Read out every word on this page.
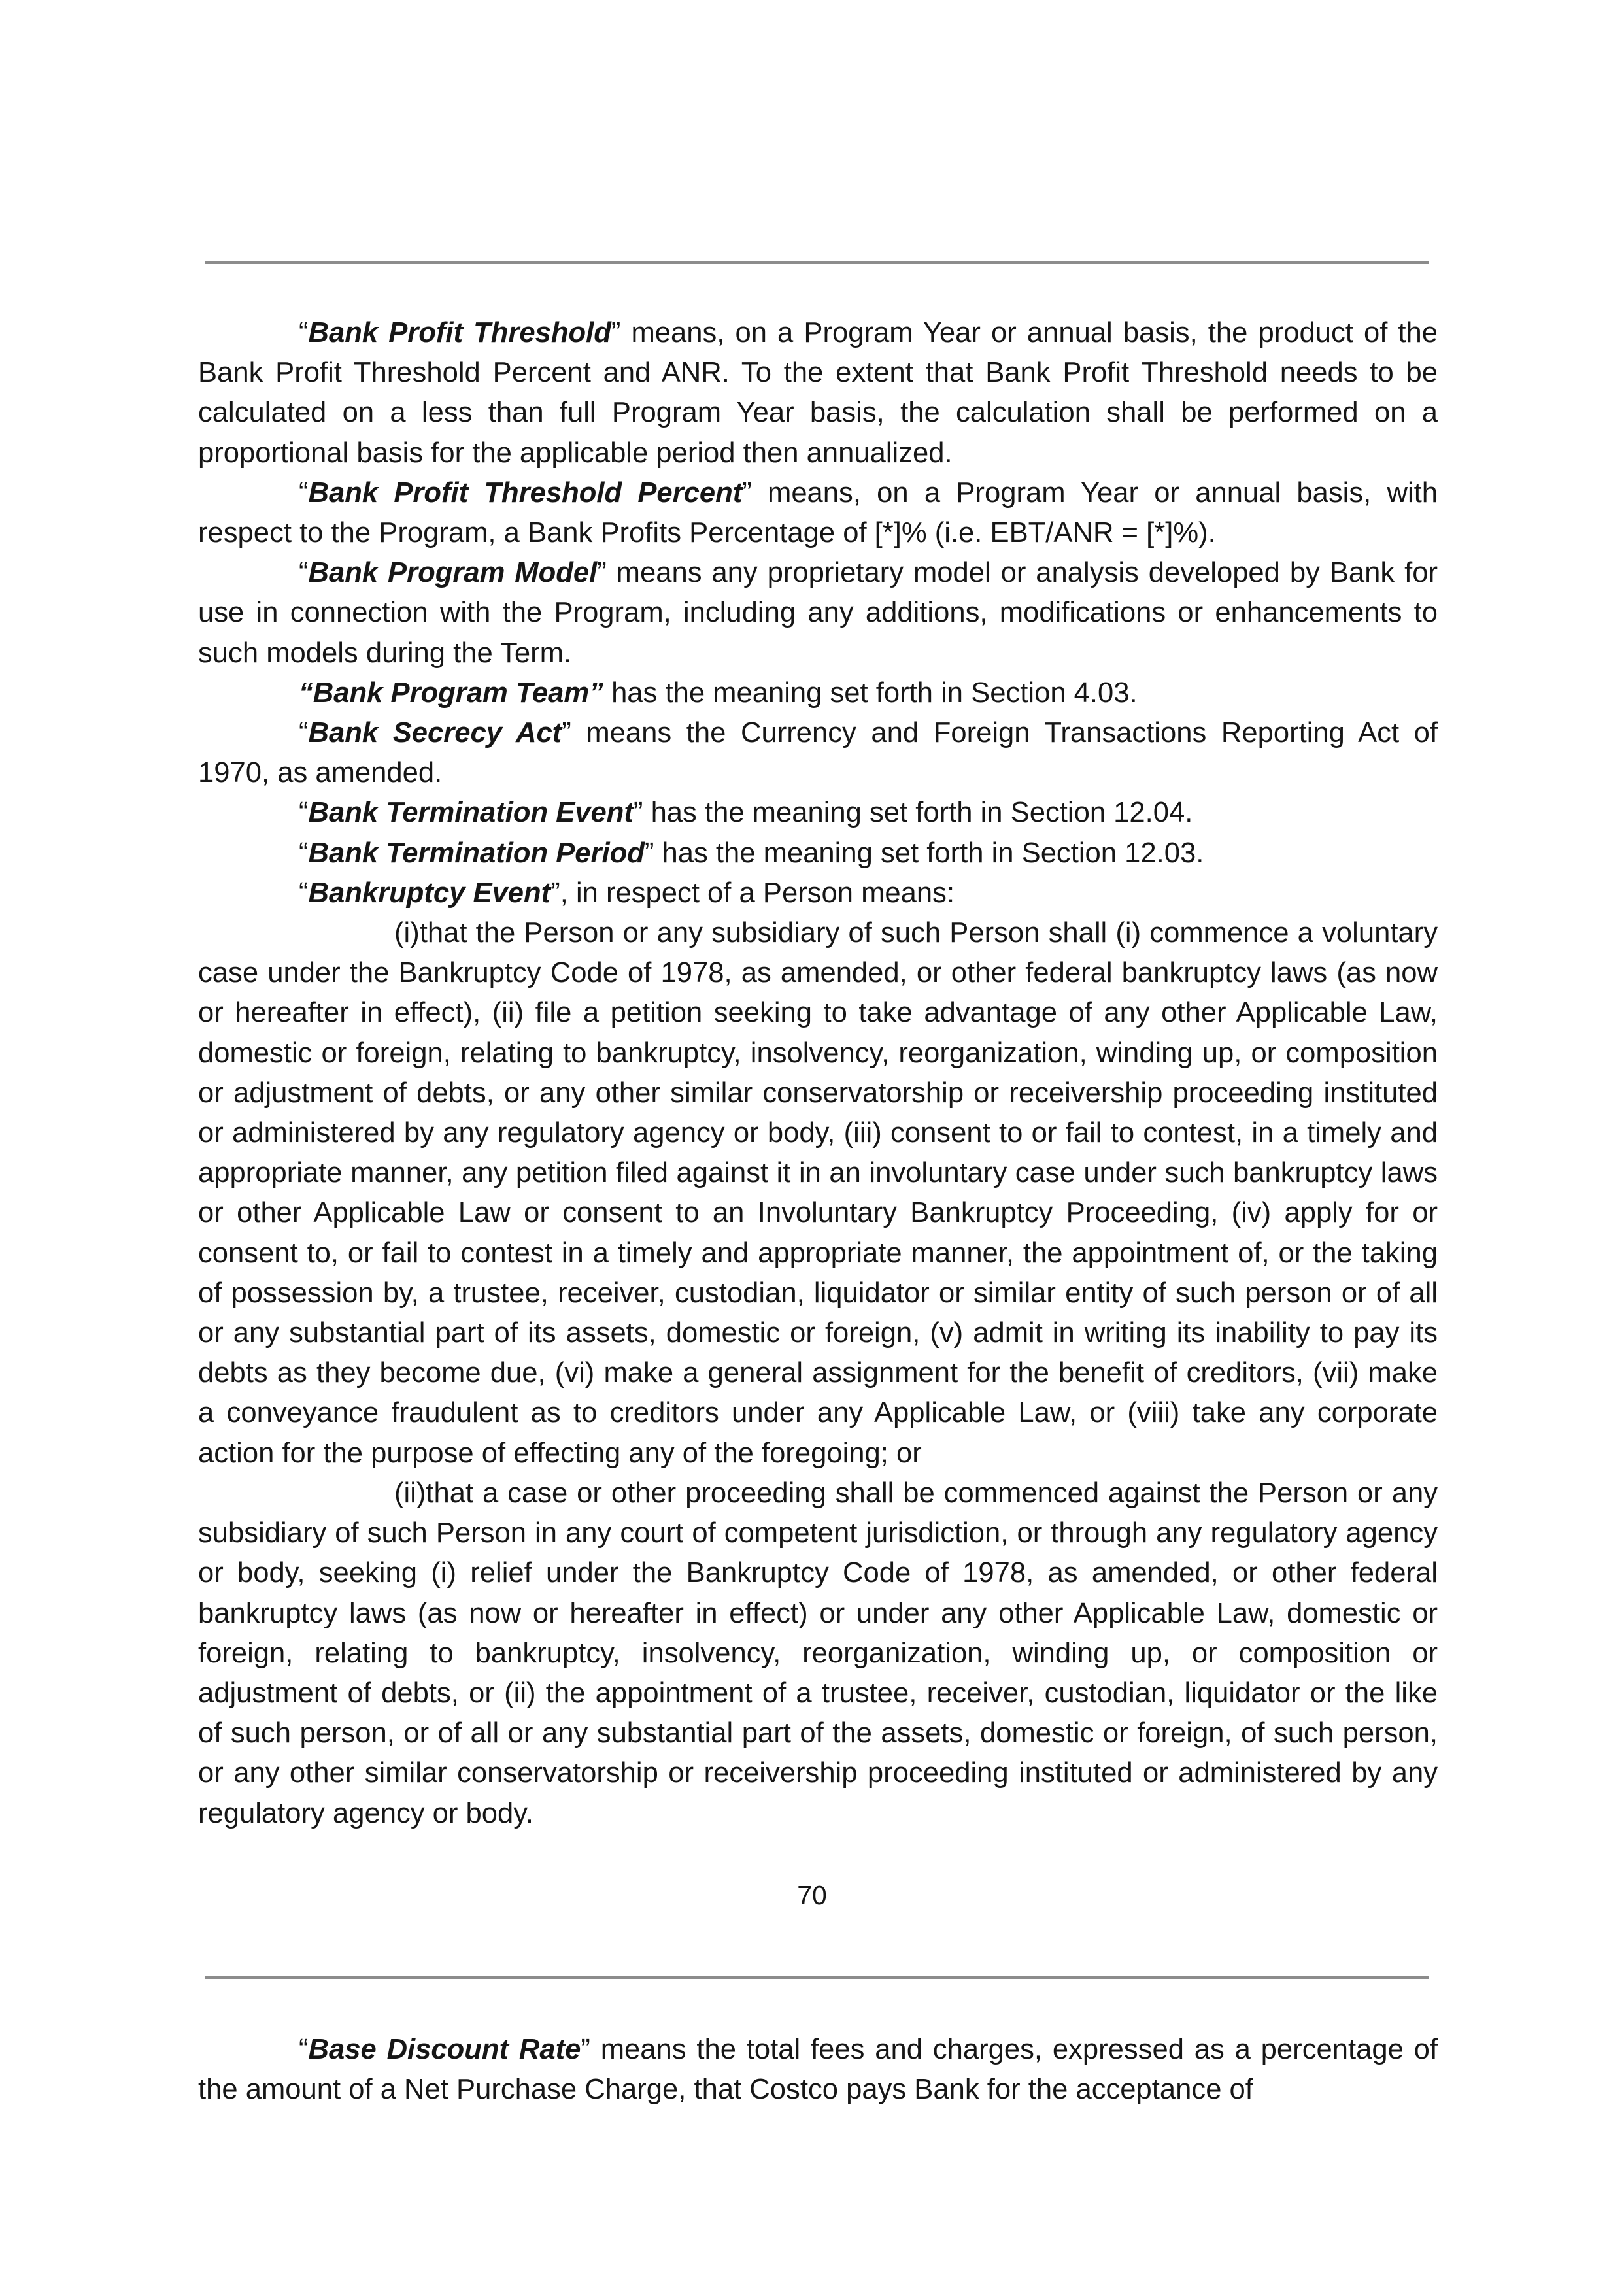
“Bank Profit Threshold” means, on a Program Year or annual basis, the product of the Bank Profit Threshold Percent and ANR. To the extent that Bank Profit Threshold needs to be calculated on a less than full Program Year basis, the calculation shall be performed on a proportional basis for the applicable period then annualized.

“Bank Profit Threshold Percent” means, on a Program Year or annual basis, with respect to the Program, a Bank Profits Percentage of [*]% (i.e. EBT/ANR = [*]%).

“Bank Program Model” means any proprietary model or analysis developed by Bank for use in connection with the Program, including any additions, modifications or enhancements to such models during the Term.

“Bank Program Team” has the meaning set forth in Section 4.03.

“Bank Secrecy Act” means the Currency and Foreign Transactions Reporting Act of 1970, as amended.

“Bank Termination Event” has the meaning set forth in Section 12.04.

“Bank Termination Period” has the meaning set forth in Section 12.03.

“Bankruptcy Event”, in respect of a Person means:

(i)that the Person or any subsidiary of such Person shall (i) commence a voluntary case under the Bankruptcy Code of 1978, as amended, or other federal bankruptcy laws (as now or hereafter in effect), (ii) file a petition seeking to take advantage of any other Applicable Law, domestic or foreign, relating to bankruptcy, insolvency, reorganization, winding up, or composition or adjustment of debts, or any other similar conservatorship or receivership proceeding instituted or administered by any regulatory agency or body, (iii) consent to or fail to contest, in a timely and appropriate manner, any petition filed against it in an involuntary case under such bankruptcy laws or other Applicable Law or consent to an Involuntary Bankruptcy Proceeding, (iv) apply for or consent to, or fail to contest in a timely and appropriate manner, the appointment of, or the taking of possession by, a trustee, receiver, custodian, liquidator or similar entity of such person or of all or any substantial part of its assets, domestic or foreign, (v) admit in writing its inability to pay its debts as they become due, (vi) make a general assignment for the benefit of creditors, (vii) make a conveyance fraudulent as to creditors under any Applicable Law, or (viii) take any corporate action for the purpose of effecting any of the foregoing; or

(ii)that a case or other proceeding shall be commenced against the Person or any subsidiary of such Person in any court of competent jurisdiction, or through any regulatory agency or body, seeking (i) relief under the Bankruptcy Code of 1978, as amended, or other federal bankruptcy laws (as now or hereafter in effect) or under any other Applicable Law, domestic or foreign, relating to bankruptcy, insolvency, reorganization, winding up, or composition or adjustment of debts, or (ii) the appointment of a trustee, receiver, custodian, liquidator or the like of such person, or of all or any substantial part of the assets, domestic or foreign, of such person, or any other similar conservatorship or receivership proceeding instituted or administered by any regulatory agency or body.

70

“Base Discount Rate” means the total fees and charges, expressed as a percentage of the amount of a Net Purchase Charge, that Costco pays Bank for the acceptance of
